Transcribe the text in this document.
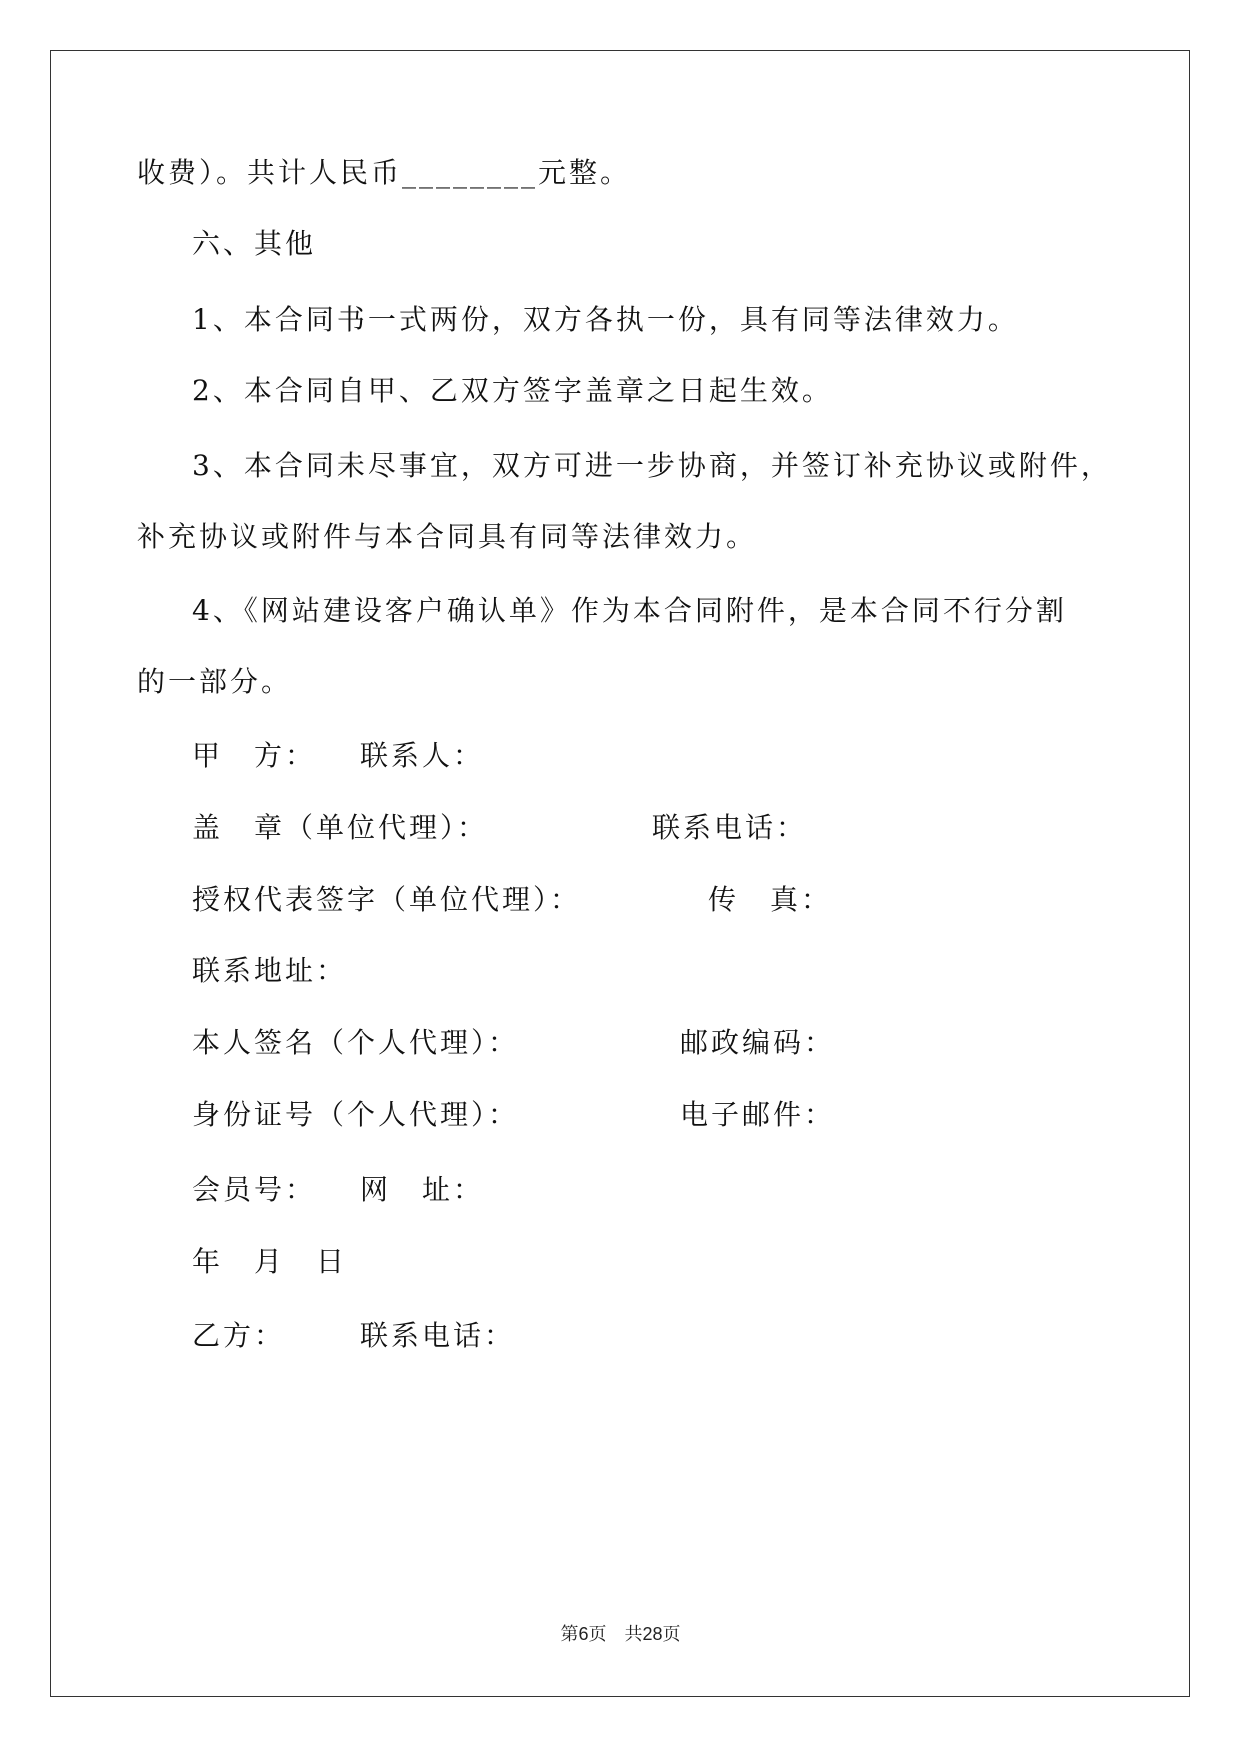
收费）。共计人民币________元整。
六、其他
1、本合同书一式两份，双方各执一份，具有同等法律效力。
2、本合同自甲、乙双方签字盖章之日起生效。
3、本合同未尽事宜，双方可进一步协商，并签订补充协议或附件，
补充协议或附件与本合同具有同等法律效力。
4、《网站建设客户确认单》作为本合同附件，是本合同不行分割
的一部分。
甲　方： 联系人：
盖　章（单位代理）：	联系电话：
授权代表签字（单位代理）：	传　真：
联系地址：
本人签名（个人代理）：	邮政编码：
身份证号（个人代理）：	电子邮件：
会员号： 网　址：
年　月　日
乙方：	联系电话：
第6页　 共28页
